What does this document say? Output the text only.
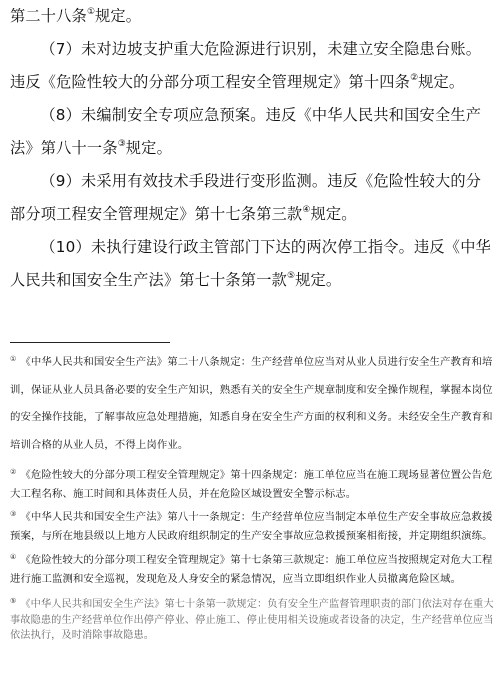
第二十八条①规定。

（7）未对边坡支护重大危险源进行识别，未建立安全隐患台账。违反《危险性较大的分部分项工程安全管理规定》第十四条②规定。

（8）未编制安全专项应急预案。违反《中华人民共和国安全生产法》第八十一条③规定。

（9）未采用有效技术手段进行变形监测。违反《危险性较大的分部分项工程安全管理规定》第十七条第三款④规定。

（10）未执行建设行政主管部门下达的两次停工指令。违反《中华人民共和国安全生产法》第七十条第一款⑤规定。

① 《中华人民共和国安全生产法》第二十八条规定：生产经营单位应当对从业人员进行安全生产教育和培训，保证从业人员具备必要的安全生产知识，熟悉有关的安全生产规章制度和安全操作规程，掌握本岗位的安全操作技能，了解事故应急处理措施，知悉自身在安全生产方面的权利和义务。未经安全生产教育和培训合格的从业人员，不得上岗作业。

② 《危险性较大的分部分项工程安全管理规定》第十四条规定：施工单位应当在施工现场显著位置公告危大工程名称、施工时间和具体责任人员，并在危险区域设置安全警示标志。

③ 《中华人民共和国安全生产法》第八十一条规定：生产经营单位应当制定本单位生产安全事故应急救援预案，与所在地县级以上地方人民政府组织制定的生产安全事故应急救援预案相衔接，并定期组织演练。

④ 《危险性较大的分部分项工程安全管理规定》第十七条第三款规定：施工单位应当按照规定对危大工程进行施工监测和安全巡视，发现危及人身安全的紧急情况，应当立即组织作业人员撤离危险区域。

⑤ 《中华人民共和国安全生产法》第七十条第一款规定：负有安全生产监督管理职责的部门依法对存在重大事故隐患的生产经营单位作出停产停业、停止施工、停止使用相关设施或者设备的决定，生产经营单位应当依法执行，及时消除事故隐患。
